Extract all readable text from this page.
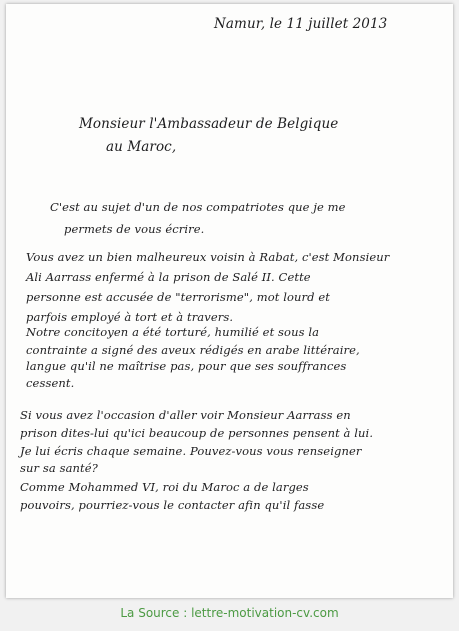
Namur, le 11 juillet 2013
Monsieur l'Ambassadeur de Belgique
au Maroc,
C'est au sujet d'un de nos compatriotes que je me
permets de vous écrire.
Vous avez un bien malheureux voisin à Rabat, c'est Monsieur
Ali Aarrass enfermé à la prison de Salé II. Cette
personne est accusée de "terrorisme", mot lourd et
parfois employé à tort et à travers.
Notre concitoyen a été torturé, humilié et sous la
contrainte a signé des aveux rédigés en arabe littéraire,
langue qu'il ne maîtrise pas, pour que ses souffrances
cessent.
Si vous avez l'occasion d'aller voir Monsieur Aarrass en
prison dites-lui qu'ici beaucoup de personnes pensent à lui.
Je lui écris chaque semaine. Pouvez-vous vous renseigner
sur sa santé?
Comme Mohammed VI, roi du Maroc a de larges
pouvoirs, pourriez-vous le contacter afin qu'il fasse
La Source : lettre-motivation-cv.com
